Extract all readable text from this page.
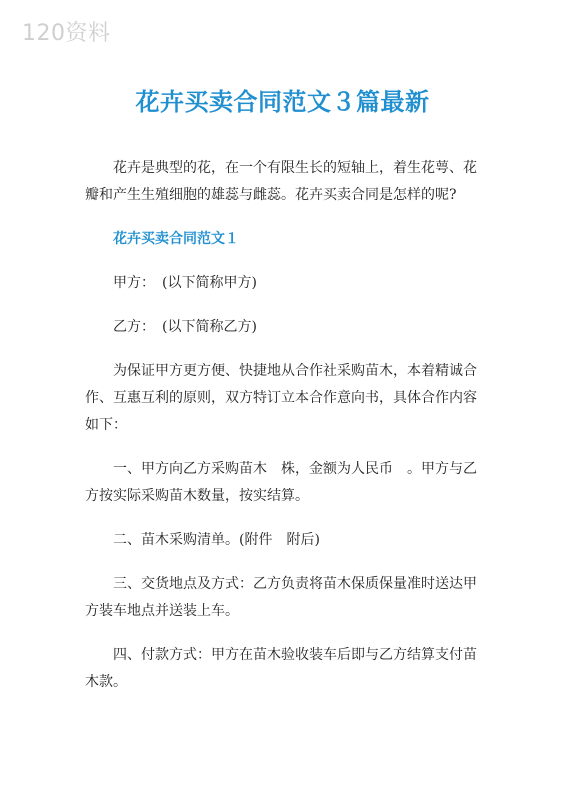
120资料
花卉买卖合同范文３篇最新

花卉是典型的花，在一个有限生长的短轴上，着生花萼、花瓣和产生生殖细胞的雄蕊与雌蕊。花卉买卖合同是怎样的呢?

花卉买卖合同范文１

甲方：　(以下简称甲方)

乙方：　(以下简称乙方)

为保证甲方更方便、快捷地从合作社采购苗木，本着精诚合作、互惠互利的原则，双方特订立本合作意向书，具体合作内容如下：

一、甲方向乙方采购苗木　株，金额为人民币　。甲方与乙方按实际采购苗木数量，按实结算。

二、苗木采购清单。(附件　附后)

三、交货地点及方式：乙方负责将苗木保质保量准时送达甲方装车地点并送装上车。

四、付款方式：甲方在苗木验收装车后即与乙方结算支付苗木款。
